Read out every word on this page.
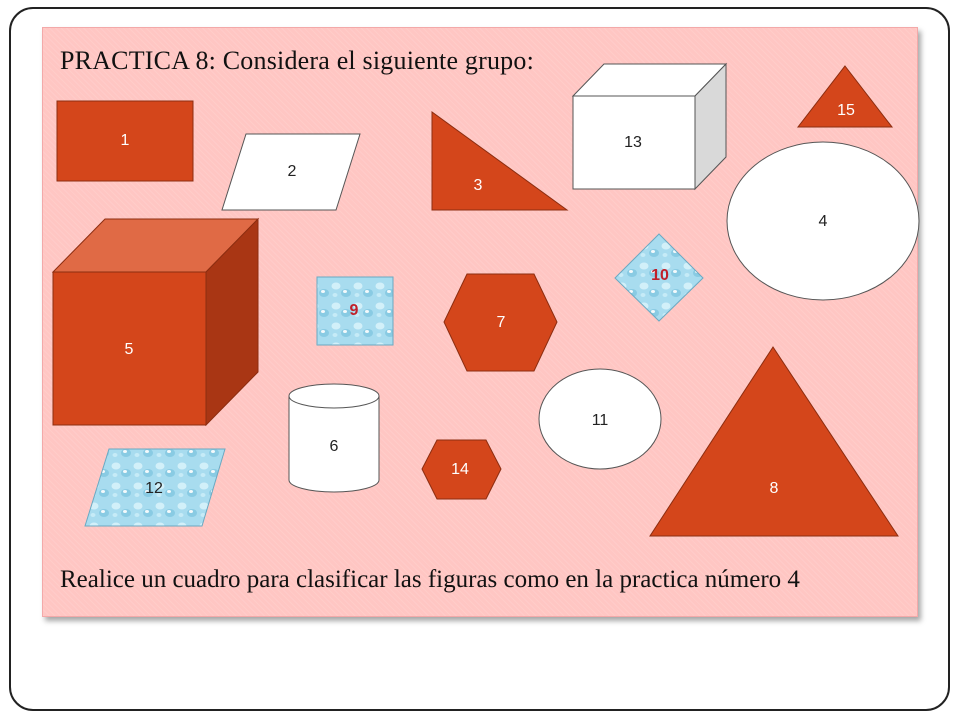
1
2
3
13
15
4
5
9
10
7
6
11
14
8
12
PRACTICA 8: Considera el siguiente grupo:
Realice un cuadro para clasificar las figuras como en la practica número 4
